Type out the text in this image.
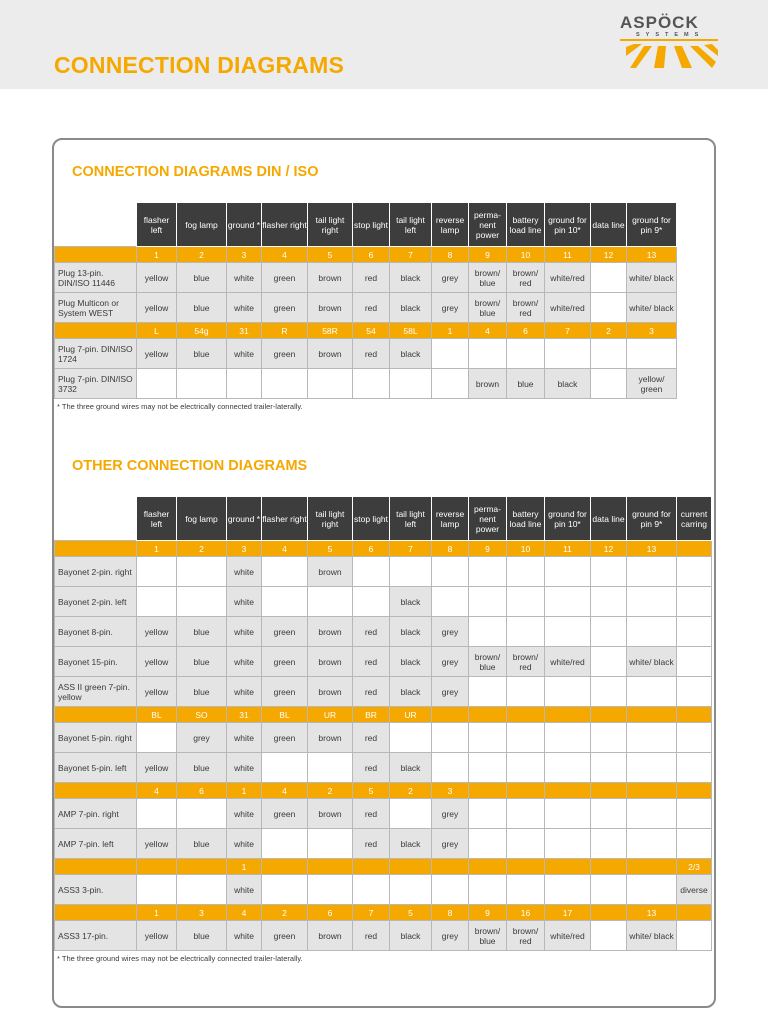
CONNECTION DIAGRAMS
ASPÖCK
SYSTEMS
CONNECTION DIAGRAMS DIN / ISO
	flasher left	fog lamp	ground *	flasher right	tail light right	stop light	tail light left	reverse lamp	perma-nent power	battery load line	ground for pin 10*	data line	ground for pin 9*
	1	2	3	4	5	6	7	8	9	10	11	12	13
Plug 13-pin. DIN/ISO 11446	yellow	blue	white	green	brown	red	black	grey	brown/ blue	brown/ red	white/red		white/ black
Plug Multicon or System WEST	yellow	blue	white	green	brown	red	black	grey	brown/ blue	brown/ red	white/red		white/ black
	L	54g	31	R	58R	54	58L	1	4	6	7	2	3
Plug 7-pin. DIN/ISO 1724	yellow	blue	white	green	brown	red	black						
Plug 7-pin. DIN/ISO 3732									brown	blue	black		yellow/ green
* The three ground wires may not be electrically connected trailer-laterally.
OTHER CONNECTION DIAGRAMS
	flasher left	fog lamp	ground *	flasher right	tail light right	stop light	tail light left	reverse lamp	perma-nent power	battery load line	ground for pin 10*	data line	ground for pin 9*	current carring
	1	2	3	4	5	6	7	8	9	10	11	12	13	
Bayonet 2-pin. right			white		brown									
Bayonet 2-pin. left			white				black							
Bayonet 8-pin.	yellow	blue	white	green	brown	red	black	grey						
Bayonet 15-pin.	yellow	blue	white	green	brown	red	black	grey	brown/ blue	brown/ red	white/red		white/ black	
ASS II green 7-pin. yellow	yellow	blue	white	green	brown	red	black	grey						
	BL	SO	31	BL	UR	BR	UR							
Bayonet 5-pin. right		grey	white	green	brown	red								
Bayonet 5-pin. left	yellow	blue	white			red	black							
	4	6	1	4	2	5	2	3						
AMP 7-pin. right			white	green	brown	red		grey						
AMP 7-pin. left	yellow	blue	white			red	black	grey						
			1											2/3
ASS3 3-pin.			white											diverse
	1	3	4	2	6	7	5	8	9	16	17		13	
ASS3 17-pin.	yellow	blue	white	green	brown	red	black	grey	brown/ blue	brown/ red	white/red		white/ black	
* The three ground wires may not be electrically connected trailer-laterally.
